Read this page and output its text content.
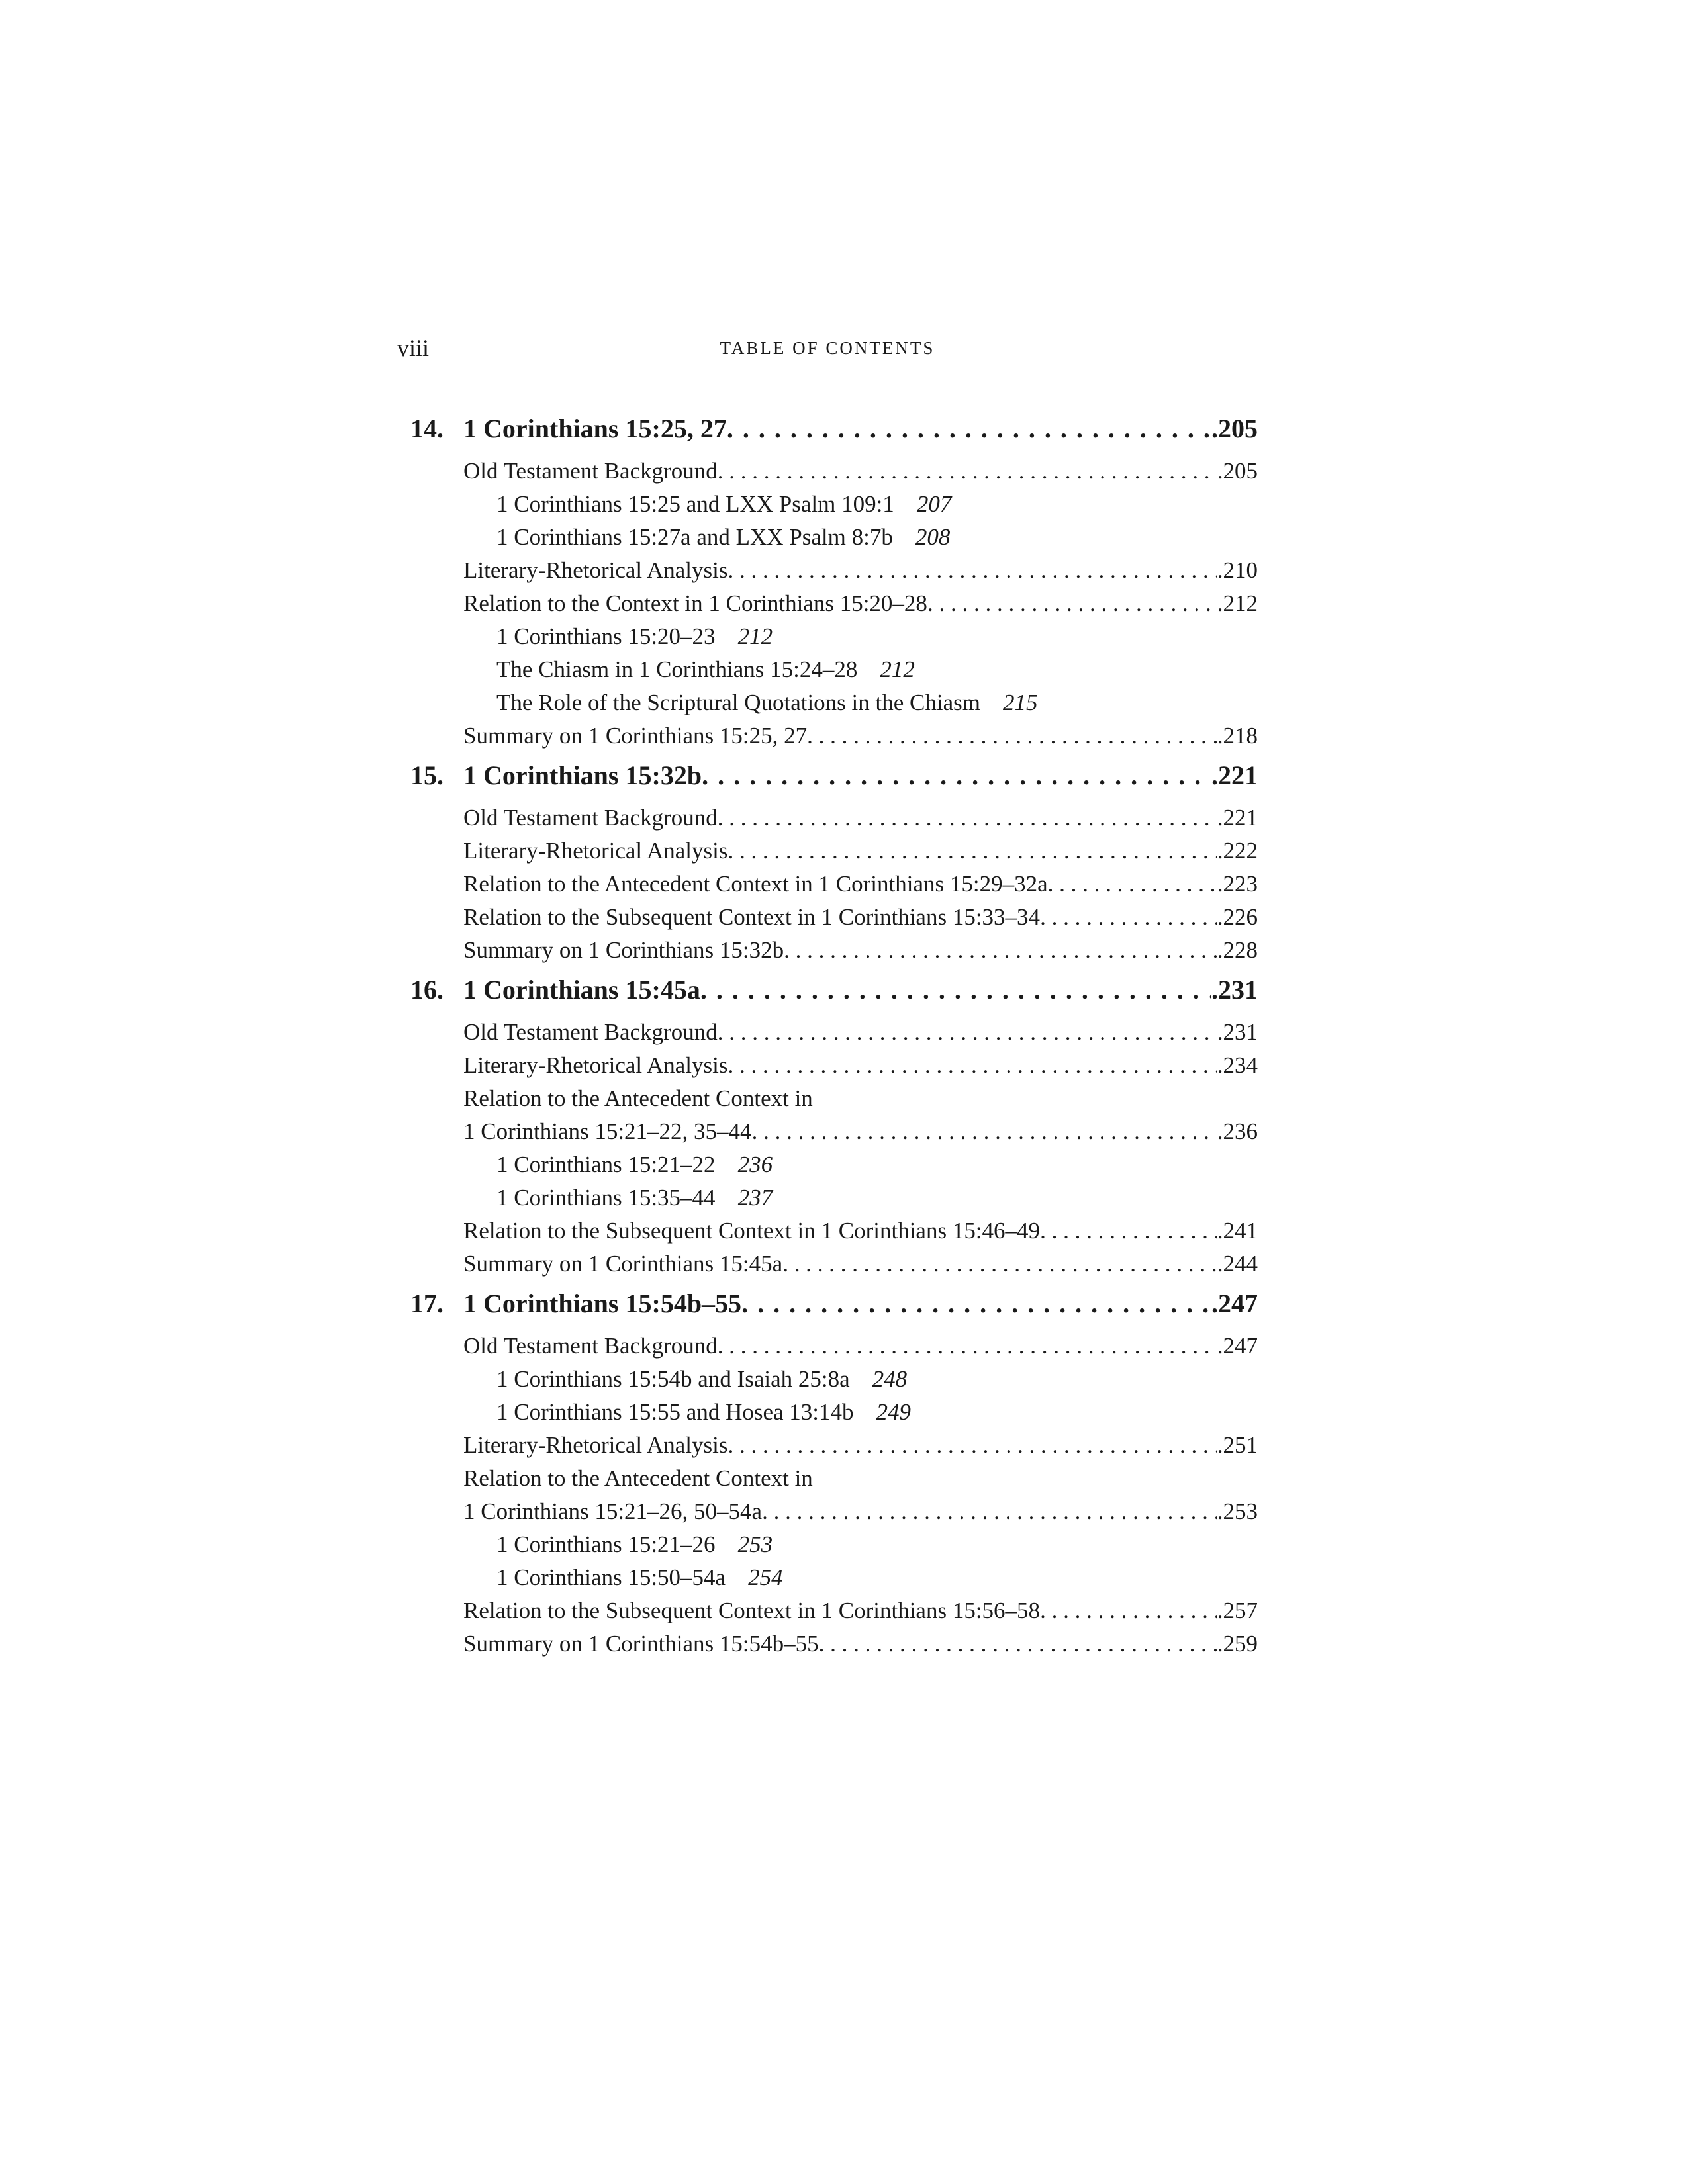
viii	TABLE OF CONTENTS
14. 1 Corinthians 15:25, 27 . . .	.205
Old Testament Background . . .	.205
1 Corinthians 15:25 and LXX Psalm 109:1 207
1 Corinthians 15:27a and LXX Psalm 8:7b 208
Literary-Rhetorical Analysis . . .	.210
Relation to the Context in 1 Corinthians 15:20–28 . . .	.212
1 Corinthians 15:20–23 212
The Chiasm in 1 Corinthians 15:24–28 212
The Role of the Scriptural Quotations in the Chiasm 215
Summary on 1 Corinthians 15:25, 27 . . .	.218
15. 1 Corinthians 15:32b . . .	.221
Old Testament Background . . .	.221
Literary-Rhetorical Analysis . . .	.222
Relation to the Antecedent Context in 1 Corinthians 15:29–32a . . .	.223
Relation to the Subsequent Context in 1 Corinthians 15:33–34 . . .	.226
Summary on 1 Corinthians 15:32b . . .	.228
16. 1 Corinthians 15:45a . . .	.231
Old Testament Background . . .	.231
Literary-Rhetorical Analysis . . .	.234
Relation to the Antecedent Context in
1 Corinthians 15:21–22, 35–44 . . .	.236
1 Corinthians 15:21–22 236
1 Corinthians 15:35–44 237
Relation to the Subsequent Context in 1 Corinthians 15:46–49 . . .	.241
Summary on 1 Corinthians 15:45a . . .	.244
17. 1 Corinthians 15:54b–55 . . .	.247
Old Testament Background . . .	.247
1 Corinthians 15:54b and Isaiah 25:8a 248
1 Corinthians 15:55 and Hosea 13:14b 249
Literary-Rhetorical Analysis . . .	.251
Relation to the Antecedent Context in
1 Corinthians 15:21–26, 50–54a . . .	.253
1 Corinthians 15:21–26 253
1 Corinthians 15:50–54a 254
Relation to the Subsequent Context in 1 Corinthians 15:56–58 . . .	.257
Summary on 1 Corinthians 15:54b–55 . . .	.259
